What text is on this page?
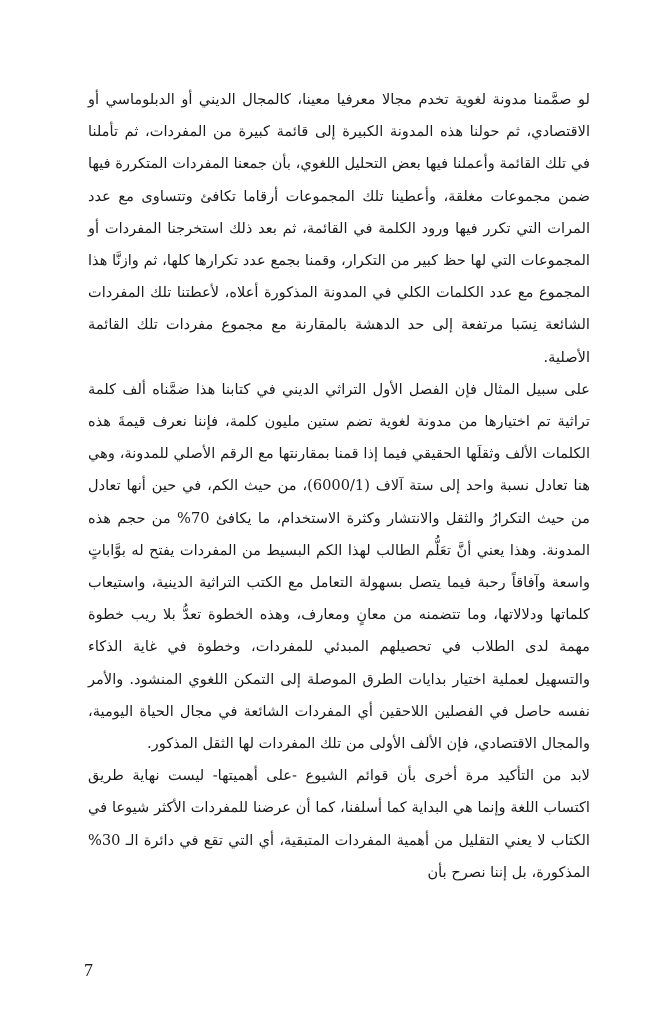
لو صمَّمنا مدونة لغوية تخدم مجالا معرفيا معينا، كالمجال الديني أو الدبلوماسي أو الاقتصادي، ثم حولنا هذه المدونة الكبيرة إلى قائمة كبيرة من المفردات، ثم تأملنا في تلك القائمة وأعملنا فيها بعض التحليل اللغوي، بأن جمعنا المفردات المتكررة فيها ضمن مجموعات مغلقة، وأعطينا تلك المجموعات أرقاما تكافئ وتتساوى مع عدد المرات التي تكرر فيها ورود الكلمة في القائمة، ثم بعد ذلك استخرجنا المفردات أو المجموعات التي لها حظ كبير من التكرار، وقمنا بجمع عدد تكرارها كلها، ثم وازنَّا هذا المجموع مع عدد الكلمات الكلي في المدونة المذكورة أعلاه، لأعطتنا تلك المفردات الشائعة نِسَبا مرتفعة إلى حد الدهشة بالمقارنة مع مجموع مفردات تلك القائمة الأصلية.

على سبيل المثال فإن الفصل الأول التراثي الديني في كتابنا هذا ضمَّناه ألف كلمة تراثية تم اختيارها من مدونة لغوية تضم ستين مليون كلمة، فإننا نعرف قيمةَ هذه الكلمات الألف وثقلَها الحقيقي فيما إذا قمنا بمقارنتها مع الرقم الأصلي للمدونة، وهي هنا تعادل نسبة واحد إلى ستة آلاف (6000/1)، من حيث الكم، في حين أنها تعادل من حيث التكرارُ والثقل والانتشار وكثرة الاستخدام، ما يكافئ 70% من حجم هذه المدونة. وهذا يعني أنَّ تعَلُّم الطالب لهذا الكم البسيط من المفردات يفتح له بوَّاباتٍ واسعة وآفاقاً رحبة فيما يتصل بسهولة التعامل مع الكتب التراثية الدينية، واستيعاب كلماتها ودلالاتها، وما تتضمنه من معانٍ ومعارف، وهذه الخطوة تعدُّ بلا ريب خطوة مهمة لدى الطلاب في تحصيلهم المبدئي للمفردات، وخطوة في غاية الذكاء والتسهيل لعملية اختيار بدايات الطرق الموصلة إلى التمكن اللغوي المنشود. والأمر نفسه حاصل في الفصلين اللاحقين أي المفردات الشائعة في مجال الحياة اليومية، والمجال الاقتصادي، فإن الألف الأولى من تلك المفردات لها الثقل المذكور.

لابد من التأكيد مرة أخرى بأن قوائم الشيوع -على أهميتها- ليست نهاية طريق اكتساب اللغة وإنما هي البداية كما أسلفنا، كما أن عرضنا للمفردات الأكثر شيوعا في الكتاب لا يعني التقليل من أهمية المفردات المتبقية، أي التي تقع في دائرة الـ 30% المذكورة، بل إننا نصرح بأن

7
